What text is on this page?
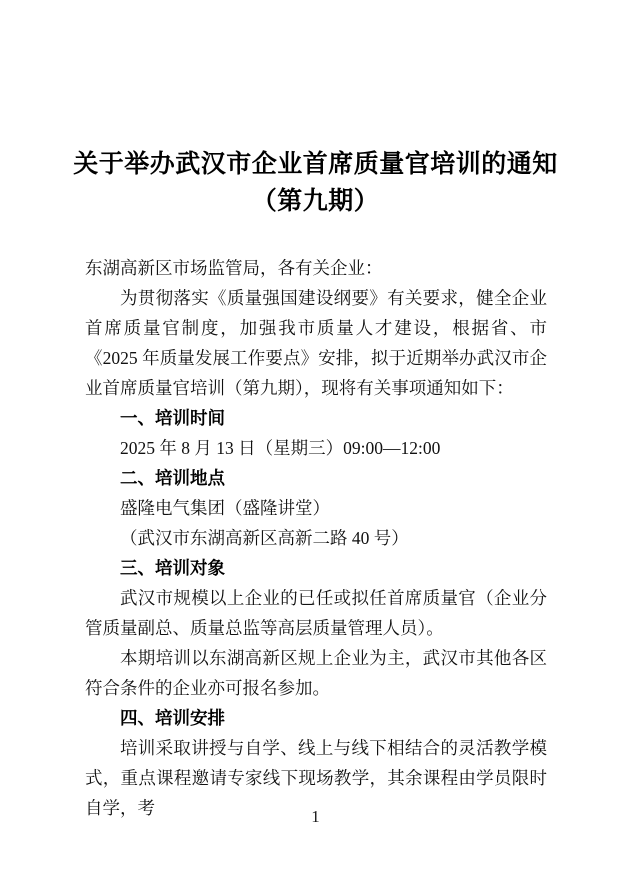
关于举办武汉市企业首席质量官培训的通知
（第九期）

东湖高新区市场监管局，各有关企业：

为贯彻落实《质量强国建设纲要》有关要求，健全企业首席质量官制度，加强我市质量人才建设，根据省、市《2025 年质量发展工作要点》安排，拟于近期举办武汉市企业首席质量官培训（第九期），现将有关事项通知如下：

一、培训时间

2025 年 8 月 13 日（星期三）09:00—12:00

二、培训地点

盛隆电气集团（盛隆讲堂）

（武汉市东湖高新区高新二路 40 号）

三、培训对象

武汉市规模以上企业的已任或拟任首席质量官（企业分管质量副总、质量总监等高层质量管理人员）。

本期培训以东湖高新区规上企业为主，武汉市其他各区符合条件的企业亦可报名参加。

四、培训安排

培训采取讲授与自学、线上与线下相结合的灵活教学模式，重点课程邀请专家线下现场教学，其余课程由学员限时自学，考	1
